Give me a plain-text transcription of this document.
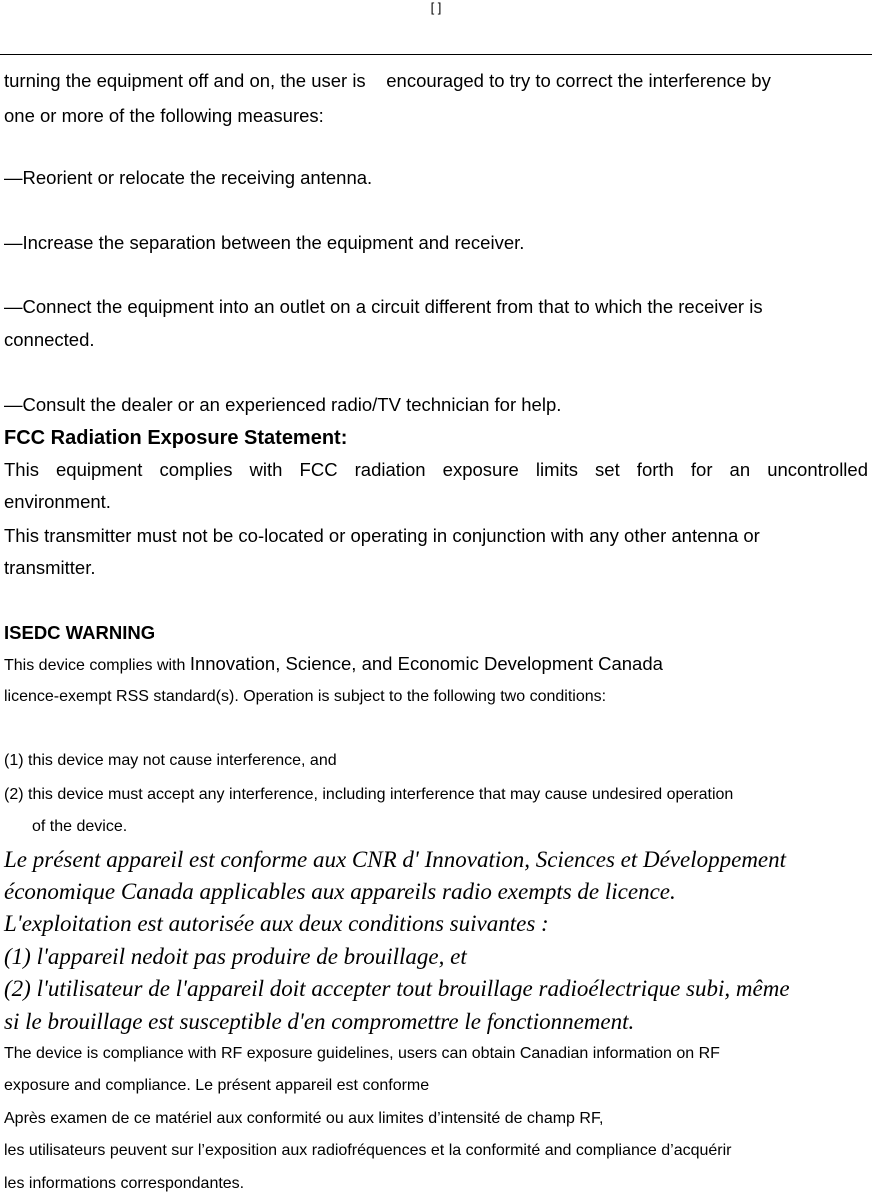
[ ]
turning the equipment off and on, the user is    encouraged to try to correct the interference by
one or more of the following measures:
—Reorient or relocate the receiving antenna.
—Increase the separation between the equipment and receiver.
—Connect the equipment into an outlet on a circuit different from that to which the receiver is
connected.
—Consult the dealer or an experienced radio/TV technician for help.
FCC Radiation Exposure Statement:
This equipment complies with FCC radiation exposure limits set forth for an uncontrolled
environment.
This transmitter must not be co-located or operating in conjunction with any other antenna or
transmitter.
ISEDC WARNING
This device complies with Innovation, Science, and Economic Development Canada
licence-exempt RSS standard(s). Operation is subject to the following two conditions:
(1) this device may not cause interference, and
(2) this device must accept any interference, including interference that may cause undesired operation
of the device.
Le présent appareil est conforme aux CNR d' Innovation, Sciences et Développement
économique Canada applicables aux appareils radio exempts de licence.
L'exploitation est autorisée aux deux conditions suivantes :
(1) l'appareil nedoit pas produire de brouillage, et
(2) l'utilisateur de l'appareil doit accepter tout brouillage radioélectrique subi, même
si le brouillage est susceptible d'en compromettre le fonctionnement.
The device is compliance with RF exposure guidelines, users can obtain Canadian information on RF
exposure and compliance. Le présent appareil est conforme
Après examen de ce matériel aux conformité ou aux limites d’intensité de champ RF,
les utilisateurs peuvent sur l’exposition aux radiofréquences et la conformité and compliance d’acquérir
les informations correspondantes.
